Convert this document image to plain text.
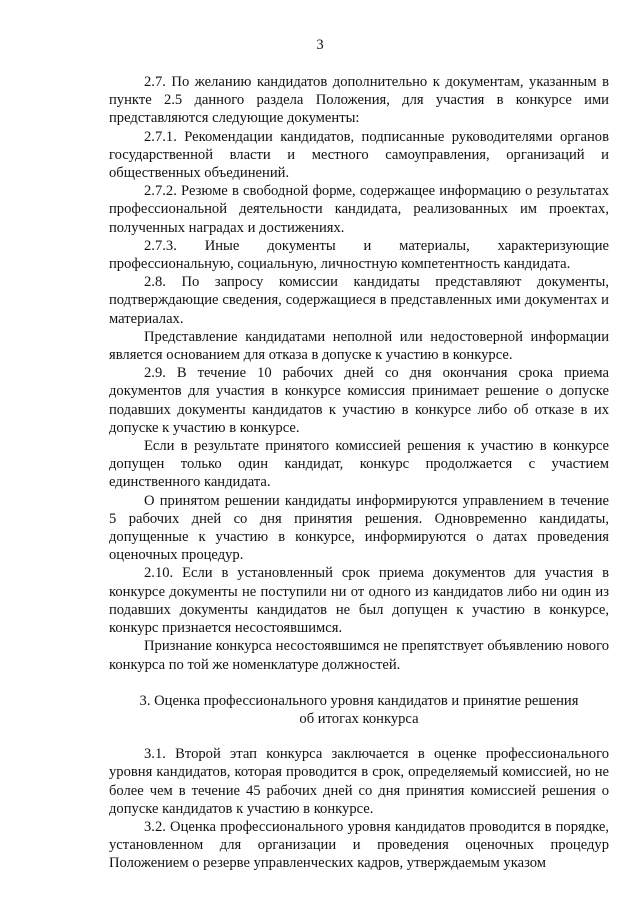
3

2.7. По желанию кандидатов дополнительно к документам, указанным в пункте 2.5 данного раздела Положения, для участия в конкурсе ими представляются следующие документы:

2.7.1. Рекомендации кандидатов, подписанные руководителями органов государственной власти и местного самоуправления, организаций и общественных объединений.

2.7.2. Резюме в свободной форме, содержащее информацию о результатах профессиональной деятельности кандидата, реализованных им проектах, полученных наградах и достижениях.

2.7.3. Иные документы и материалы, характеризующие профессиональную, социальную, личностную компетентность кандидата.

2.8. По запросу комиссии кандидаты представляют документы, подтверждающие сведения, содержащиеся в представленных ими документах и материалах.

Представление кандидатами неполной или недостоверной информации является основанием для отказа в допуске к участию в конкурсе.

2.9. В течение 10 рабочих дней со дня окончания срока приема документов для участия в конкурсе комиссия принимает решение о допуске подавших документы кандидатов к участию в конкурсе либо об отказе в их допуске к участию в конкурсе.

Если в результате принятого комиссией решения к участию в конкурсе допущен только один кандидат, конкурс продолжается с участием единственного кандидата.

О принятом решении кандидаты информируются управлением в течение 5 рабочих дней со дня принятия решения. Одновременно кандидаты, допущенные к участию в конкурсе, информируются о датах проведения оценочных процедур.

2.10. Если в установленный срок приема документов для участия в конкурсе документы не поступили ни от одного из кандидатов либо ни один из подавших документы кандидатов не был допущен к участию в конкурсе, конкурс признается несостоявшимся.

Признание конкурса несостоявшимся не препятствует объявлению нового конкурса по той же номенклатуре должностей.

3. Оценка профессионального уровня кандидатов и принятие решения
об итогах конкурса

3.1. Второй этап конкурса заключается в оценке профессионального уровня кандидатов, которая проводится в срок, определяемый комиссией, но не более чем в течение 45 рабочих дней со дня принятия комиссией решения о допуске кандидатов к участию в конкурсе.

3.2. Оценка профессионального уровня кандидатов проводится в порядке, установленном для организации и проведения оценочных процедур Положением о резерве управленческих кадров, утверждаемым указом
